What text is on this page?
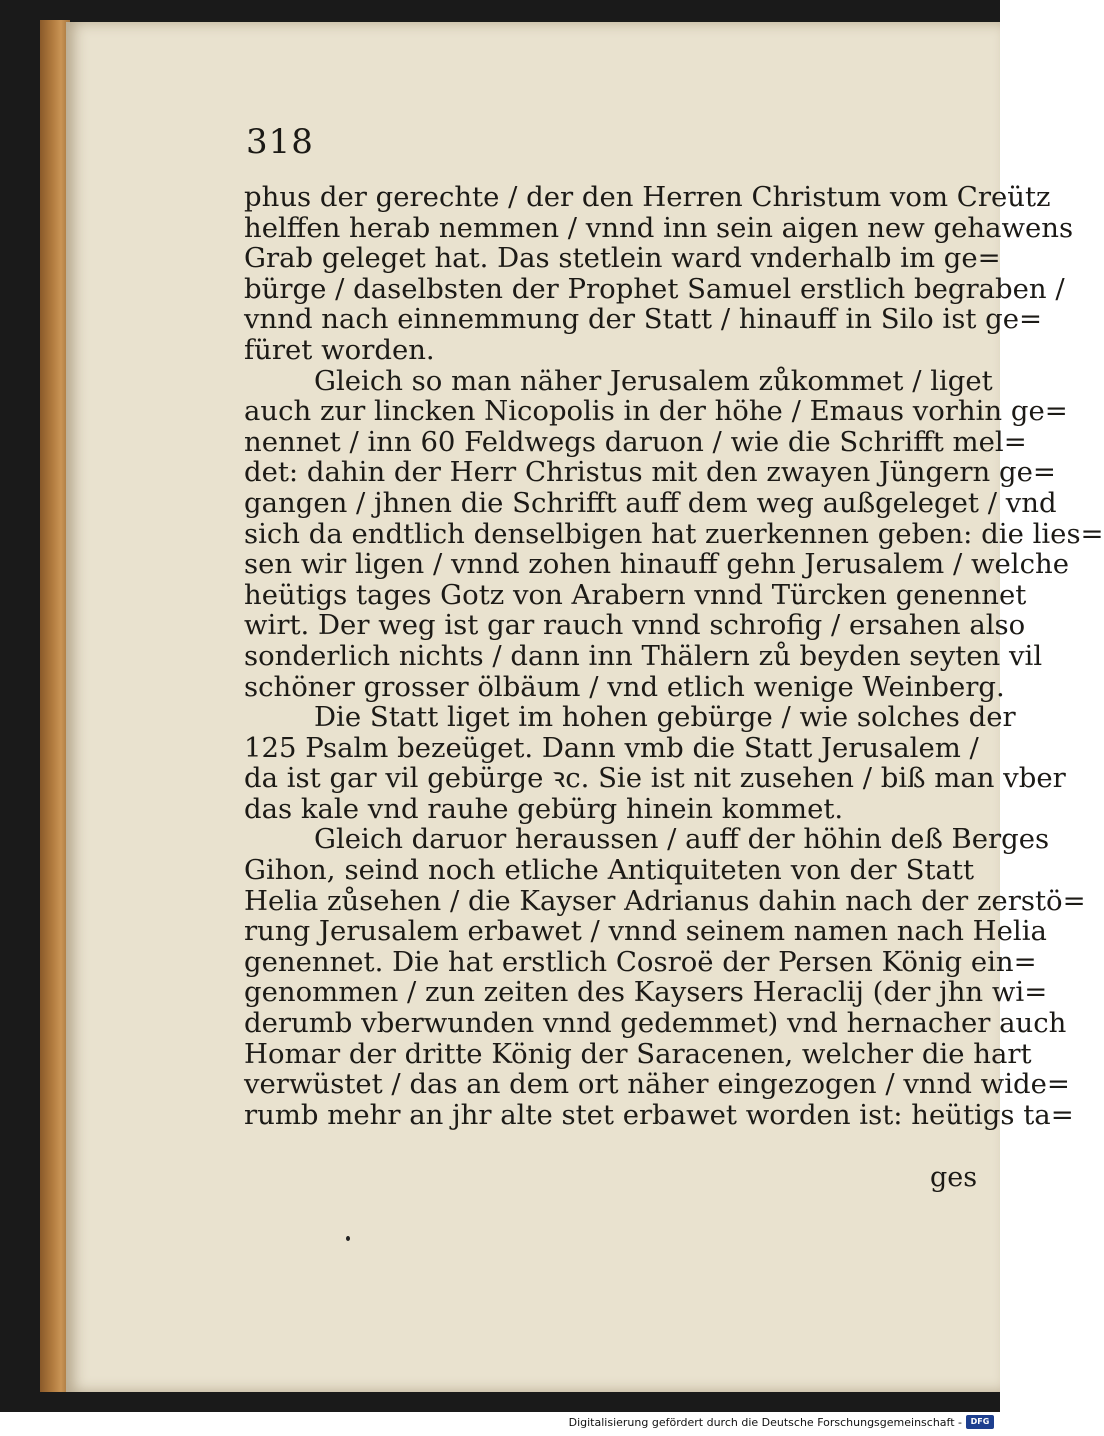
318
phus der gerechte / der den Herren Christum vom Creütz
helffen herab nemmen / vnnd inn sein aigen new gehawens
Grab geleget hat. Das stetlein ward vnderhalb im ge=
bürge / daselbsten der Prophet Samuel erstlich begraben /
vnnd nach einnemmung der Statt / hinauff in Silo ist ge=
füret worden.
Gleich so man näher Jerusalem zůkommet / liget
auch zur lincken Nicopolis in der höhe / Emaus vorhin ge=
nennet / inn 60 Feldwegs daruon / wie die Schrifft mel=
det: dahin der Herr Christus mit den zwayen Jüngern ge=
gangen / jhnen die Schrifft auff dem weg außgeleget / vnd
sich da endtlich denselbigen hat zuerkennen geben: die lies=
sen wir ligen / vnnd zohen hinauff gehn Jerusalem / welche
heütigs tages Gotz von Arabern vnnd Türcken genennet
wirt. Der weg ist gar rauch vnnd schrofig / ersahen also
sonderlich nichts / dann inn Thälern zů beyden seyten vil
schöner grosser ölbäum / vnd etlich wenige Weinberg.
Die Statt liget im hohen gebürge / wie solches der
125 Psalm bezeüget. Dann vmb die Statt Jerusalem /
da ist gar vil gebürge ꝛc. Sie ist nit zusehen / biß man vber
das kale vnd rauhe gebürg hinein kommet.
Gleich daruor heraussen / auff der höhin deß Berges
Gihon, seind noch etliche Antiquiteten von der Statt
Helia zůsehen / die Kayser Adrianus dahin nach der zerstö=
rung Jerusalem erbawet / vnnd seinem namen nach Helia
genennet. Die hat erstlich Cosroë der Persen König ein=
genommen / zun zeiten des Kaysers Heraclij (der jhn wi=
derumb vberwunden vnnd gedemmet) vnd hernacher auch
Homar der dritte König der Saracenen, welcher die hart
verwüstet / das an dem ort näher eingezogen / vnnd wide=
rumb mehr an jhr alte stet erbawet worden ist: heütigs ta=
ges
Digitalisierung gefördert durch die Deutsche Forschungsgemeinschaft -	DFG
